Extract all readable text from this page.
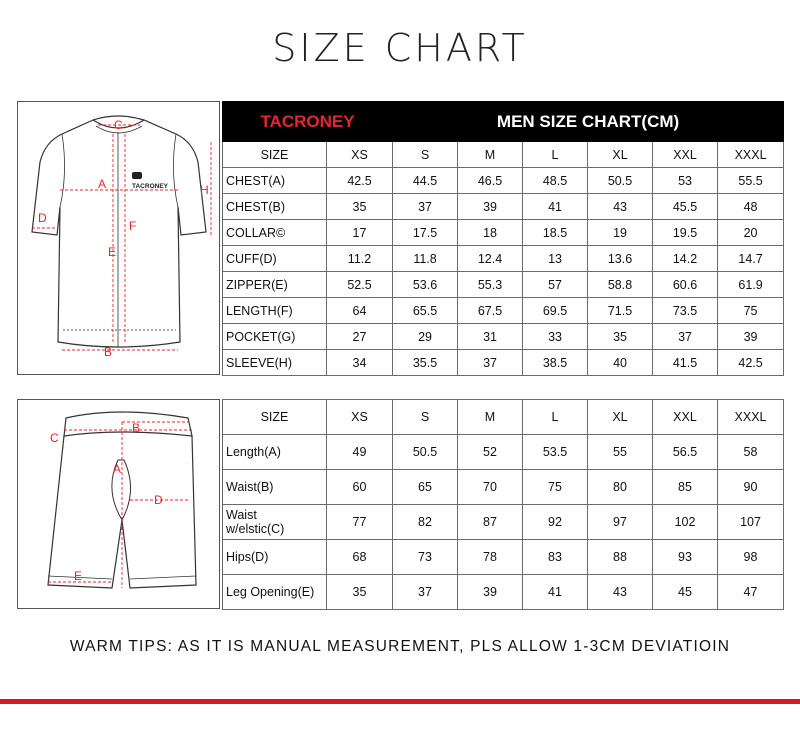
SIZE CHART
C
A	H
D
F
E
B
TACRONEY
TACRONEY		MEN SIZE CHART(CM)					
SIZE	XS	S	M	L	XL	XXL	XXXL
CHEST(A)	42.5	44.5	46.5	48.5	50.5	53	55.5
CHEST(B)	35	37	39	41	43	45.5	48
COLLAR©	17	17.5	18	18.5	19	19.5	20
CUFF(D)	11.2	11.8	12.4	13	13.6	14.2	14.7
ZIPPER(E)	52.5	53.6	55.3	57	58.8	60.6	61.9
LENGTH(F)	64	65.5	67.5	69.5	71.5	73.5	75
POCKET(G)	27	29	31	33	35	37	39
SLEEVE(H)	34	35.5	37	38.5	40	41.5	42.5
C
B
A
D
E
SIZE	XS	S	M	L	XL	XXL	XXXL
Length(A)	49	50.5	52	53.5	55	56.5	58
Waist(B)	60	65	70	75	80	85	90

Waist
w/elstic(C)	77	82	87	92	97	102	107
Hips(D)	68	73	78	83	88	93	98
Leg Opening(E)	35	37	39	41	43	45	47
WARM TIPS: AS IT IS MANUAL MEASUREMENT, PLS ALLOW 1-3CM DEVIATIOIN
